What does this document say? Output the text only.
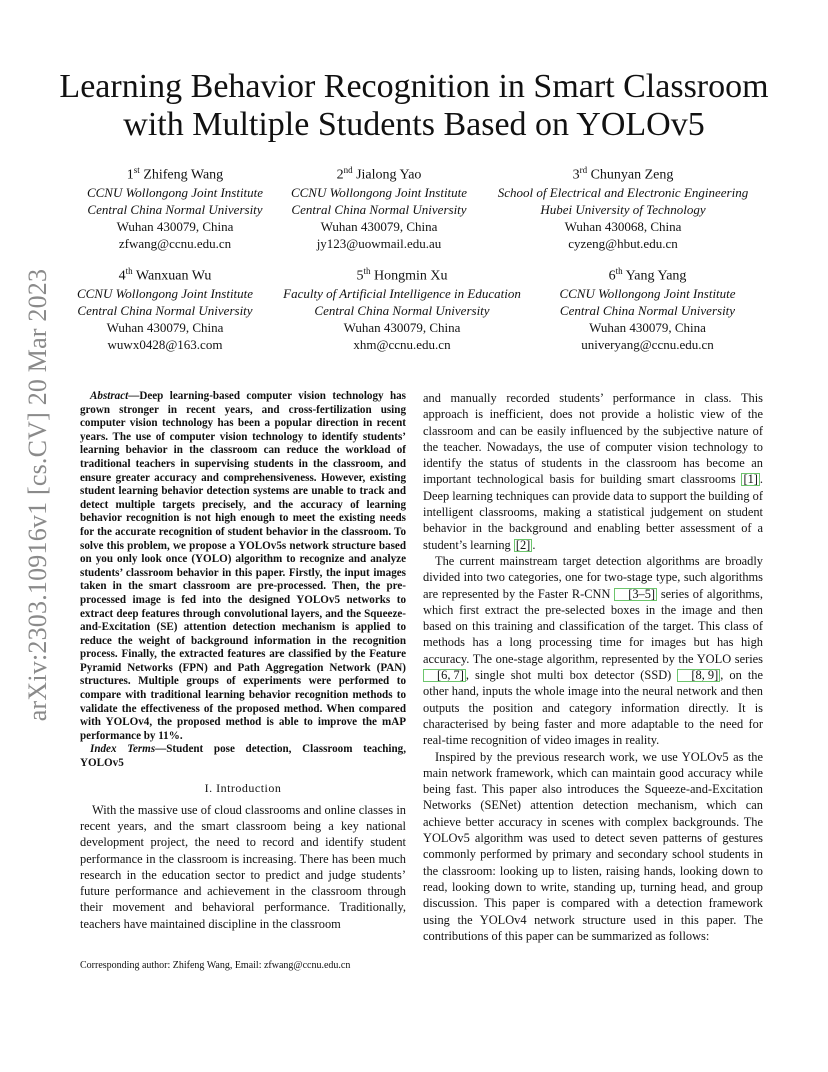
arXiv:2303.10916v1 [cs.CV] 20 Mar 2023
Learning Behavior Recognition in Smart Classroom
with Multiple Students Based on YOLOv5
1st Zhifeng Wang
CCNU Wollongong Joint Institute
Central China Normal University
Wuhan 430079, China
zfwang@ccnu.edu.cn
2nd Jialong Yao
CCNU Wollongong Joint Institute
Central China Normal University
Wuhan 430079, China
jy123@uowmail.edu.au
3rd Chunyan Zeng
School of Electrical and Electronic Engineering
Hubei University of Technology
Wuhan 430068, China
cyzeng@hbut.edu.cn
4th Wanxuan Wu
CCNU Wollongong Joint Institute
Central China Normal University
Wuhan 430079, China
wuwx0428@163.com
5th Hongmin Xu
Faculty of Artificial Intelligence in Education
Central China Normal University
Wuhan 430079, China
xhm@ccnu.edu.cn
6th Yang Yang
CCNU Wollongong Joint Institute
Central China Normal University
Wuhan 430079, China
univeryang@ccnu.edu.cn

Abstract—Deep learning-based computer vision technology has grown stronger in recent years, and cross-fertilization using computer vision technology has been a popular direction in recent years. The use of computer vision technology to identify students’ learning behavior in the classroom can reduce the workload of traditional teachers in supervising students in the classroom, and ensure greater accuracy and comprehensiveness. However, existing student learning behavior detection systems are unable to track and detect multiple targets precisely, and the accuracy of learning behavior recognition is not high enough to meet the existing needs for the accurate recognition of student behavior in the classroom. To solve this problem, we propose a YOLOv5s network structure based on you only look once (YOLO) algorithm to recognize and analyze students’ classroom behavior in this paper. Firstly, the input images taken in the smart classroom are pre-processed. Then, the pre-processed image is fed into the designed YOLOv5 networks to extract deep features through convolutional layers, and the Squeeze-and-Excitation (SE) attention detection mechanism is applied to reduce the weight of background information in the recognition process. Finally, the extracted features are classified by the Feature Pyramid Networks (FPN) and Path Aggregation Network (PAN) structures. Multiple groups of experiments were performed to compare with traditional learning behavior recognition methods to validate the effectiveness of the proposed method. When compared with YOLOv4, the proposed method is able to improve the mAP performance by 11%.

Index Terms—Student pose detection, Classroom teaching, YOLOv5

I. Introduction

With the massive use of cloud classrooms and online classes in recent years, and the smart classroom being a key national development project, the need to record and identify student performance in the classroom is increasing. There has been much research in the education sector to predict and judge students’ future performance and achievement in the classroom through their movement and behavioral performance. Traditionally, teachers have maintained discipline in the classroom

Corresponding author: Zhifeng Wang, Email: zfwang@ccnu.edu.cn

and manually recorded students’ performance in class. This approach is inefficient, does not provide a holistic view of the classroom and can be easily influenced by the subjective nature of the teacher. Nowadays, the use of computer vision technology to identify the status of students in the classroom has become an important technological basis for building smart classrooms [1] . Deep learning techniques can provide data to support the building of intelligent classrooms, making a statistical judgement on student behavior in the background and enabling better assessment of a student’s learning [2] .

The current mainstream target detection algorithms are broadly divided into two categories, one for two-stage type, such algorithms are represented by the Faster R-CNN [3–5] series of algorithms, which first extract the pre-selected boxes in the image and then based on this training and classification of the target. This class of methods has a long processing time for images but has high accuracy. The one-stage algorithm, represented by the YOLO series [6, 7] , single shot multi box detector (SSD) [8, 9] , on the other hand, inputs the whole image into the neural network and then outputs the position and category information directly. It is characterised by being faster and more adaptable to the need for real-time recognition of video images in reality.

Inspired by the previous research work, we use YOLOv5 as the main network framework, which can maintain good accuracy while being fast. This paper also introduces the Squeeze-and-Excitation Networks (SENet) attention detection mechanism, which can achieve better accuracy in scenes with complex backgrounds. The YOLOv5 algorithm was used to detect seven patterns of gestures commonly performed by primary and secondary school students in the classroom: looking up to listen, raising hands, looking down to read, looking down to write, standing up, turning head, and group discussion. This paper is compared with a detection framework using the YOLOv4 network structure used in this paper. The contributions of this paper can be summarized as follows:
